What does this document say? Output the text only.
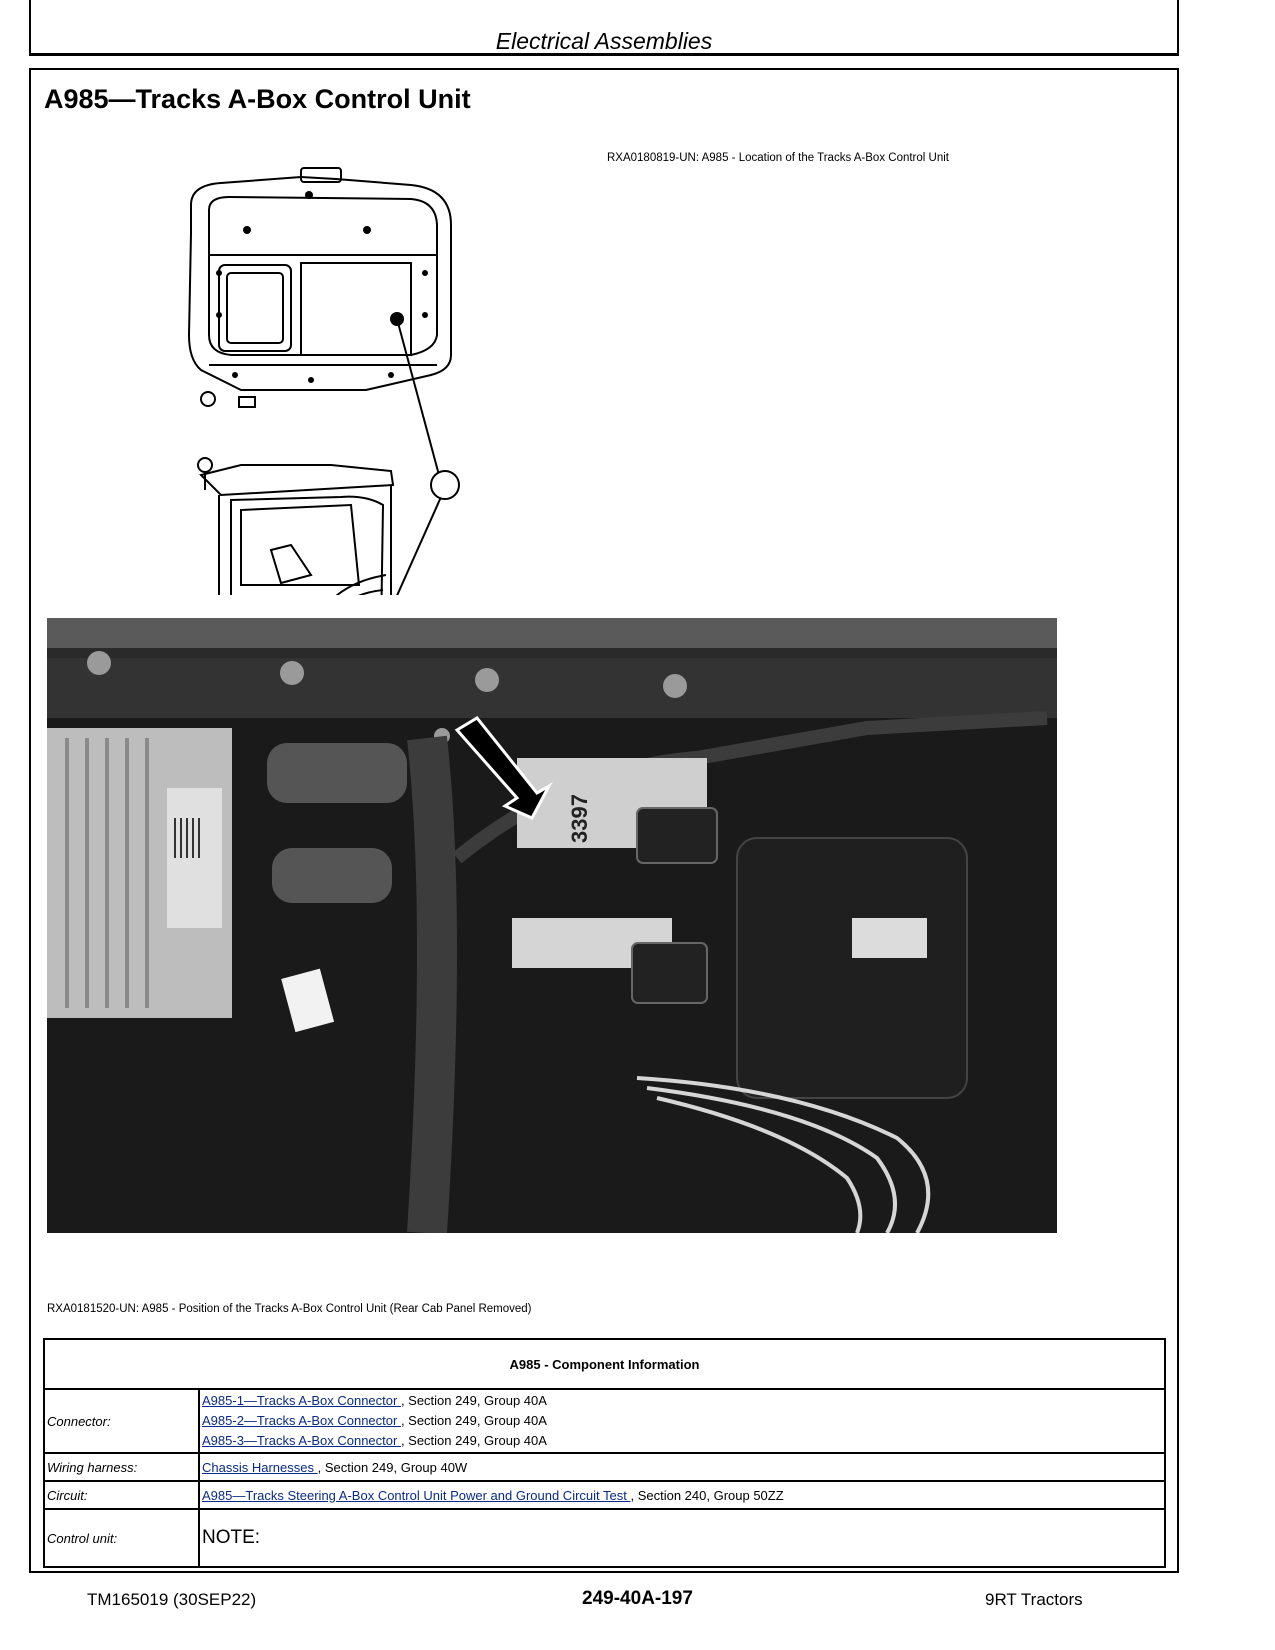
Electrical Assemblies
A985—Tracks A-Box Control Unit
RXA0180819-UN: A985 - Location of the Tracks A-Box Control Unit
3397
RXA0181520-UN: A985 - Position of the Tracks A-Box Control Unit (Rear Cab Panel Removed)
A985 - Component Information	
Connector:	A985-1—Tracks A-Box Connector , Section 249, Group 40A
A985-2—Tracks A-Box Connector , Section 249, Group 40A
A985-3—Tracks A-Box Connector , Section 249, Group 40A

Wiring harness:	Chassis Harnesses , Section 249, Group 40W
Circuit:	A985—Tracks Steering A-Box Control Unit Power and Ground Circuit Test , Section 240, Group 50ZZ
Control unit:	NOTE:
TM165019 (30SEP22)	249-40A-197	9RT Tractors
